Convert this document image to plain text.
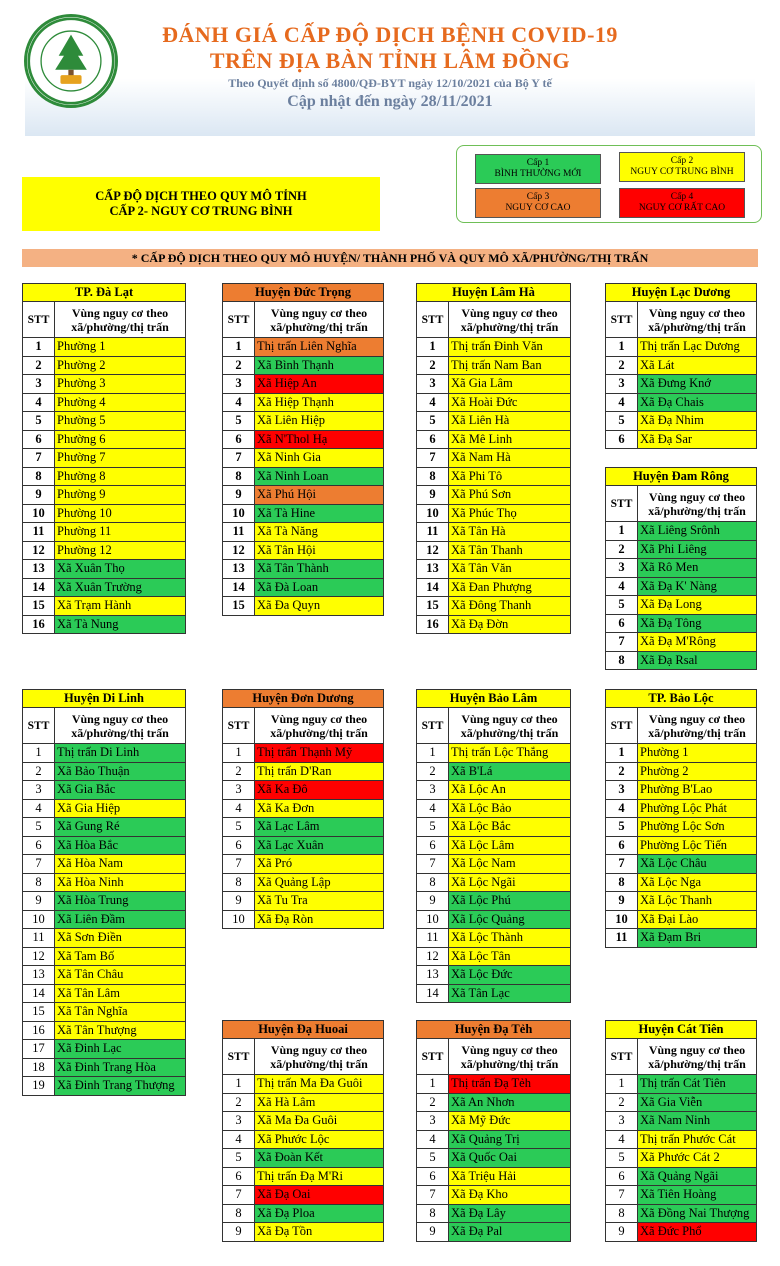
ĐÁNH GIÁ CẤP ĐỘ DỊCH BỆNH COVID-19
TRÊN ĐỊA BÀN TỈNH LÂM ĐỒNG
Theo Quyết định số 4800/QĐ-BYT ngày 12/10/2021 của Bộ Y tế
Cập nhật đến ngày 28/11/2021
Cấp 1
BÌNH THƯỜNG MỚI
Cấp 2
NGUY CƠ TRUNG BÌNH
Cấp 3
NGUY CƠ CAO
Cấp 4
NGUY CƠ RẤT CAO
CẤP ĐỘ DỊCH THEO QUY MÔ TỈNH
CẤP 2- NGUY CƠ TRUNG BÌNH
* CẤP ĐỘ DỊCH THEO QUY MÔ HUYỆN/ THÀNH PHỐ VÀ QUY MÔ XÃ/PHƯỜNG/THỊ TRẤN
TP. Đà Lạt	
STT	Vùng nguy cơ theo xã/phường/thị trấn
1	Phường 1
2	Phường 2
3	Phường 3
4	Phường 4
5	Phường 5
6	Phường 6
7	Phường 7
8	Phường 8
9	Phường 9
10	Phường 10
11	Phường 11
12	Phường 12
13	Xã Xuân Thọ
14	Xã Xuân Trường
15	Xã Trạm Hành
16	Xã Tà Nung
Huyện Đức Trọng	
STT	Vùng nguy cơ theo xã/phường/thị trấn
1	Thị trấn Liên Nghĩa
2	Xã Bình Thạnh
3	Xã Hiệp An
4	Xã Hiệp Thạnh
5	Xã Liên Hiệp
6	Xã N'Thol Hạ
7	Xã Ninh Gia
8	Xã Ninh Loan
9	Xã Phú Hội
10	Xã Tà Hine
11	Xã Tà Năng
12	Xã Tân Hội
13	Xã Tân Thành
14	Xã Đà Loan
15	Xã Đa Quyn
Huyện Lâm Hà	
STT	Vùng nguy cơ theo xã/phường/thị trấn
1	Thị trấn Đinh Văn
2	Thị trấn Nam Ban
3	Xã Gia Lâm
4	Xã Hoài Đức
5	Xã Liên Hà
6	Xã Mê Linh
7	Xã Nam Hà
8	Xã Phi Tô
9	Xã Phú Sơn
10	Xã Phúc Thọ
11	Xã Tân Hà
12	Xã Tân Thanh
13	Xã Tân Văn
14	Xã Đan Phượng
15	Xã Đông Thanh
16	Xã Đạ Đờn
Huyện Lạc Dương	
STT	Vùng nguy cơ theo xã/phường/thị trấn
1	Thị trấn Lạc Dương
2	Xã Lát
3	Xã Đưng Knớ
4	Xã Đạ Chais
5	Xã Đạ Nhim
6	Xã Đạ Sar
Huyện Đam Rông	
STT	Vùng nguy cơ theo xã/phường/thị trấn
1	Xã Liêng Srônh
2	Xã Phi Liêng
3	Xã Rô Men
4	Xã Đạ K' Nàng
5	Xã Đạ Long
6	Xã Đạ Tông
7	Xã Đạ M'Rông
8	Xã Đạ Rsal
Huyện Di Linh	
STT	Vùng nguy cơ theo xã/phường/thị trấn
1	Thị trấn Di Linh
2	Xã Bảo Thuận
3	Xã Gia Bắc
4	Xã Gia Hiệp
5	Xã Gung Ré
6	Xã Hòa Bắc
7	Xã Hòa Nam
8	Xã Hòa Ninh
9	Xã Hòa Trung
10	Xã Liên Đầm
11	Xã Sơn Điền
12	Xã Tam Bố
13	Xã Tân Châu
14	Xã Tân Lâm
15	Xã Tân Nghĩa
16	Xã Tân Thượng
17	Xã Đinh Lạc
18	Xã Đinh Trang Hòa
19	Xã Đinh Trang Thượng
Huyện Đơn Dương	
STT	Vùng nguy cơ theo xã/phường/thị trấn
1	Thị trấn Thạnh Mỹ
2	Thị trấn D'Ran
3	Xã Ka Đô
4	Xã Ka Đơn
5	Xã Lạc Lâm
6	Xã Lạc Xuân
7	Xã Pró
8	Xã Quảng Lập
9	Xã Tu Tra
10	Xã Đạ Ròn
Huyện Bảo Lâm	
STT	Vùng nguy cơ theo xã/phường/thị trấn
1	Thị trấn Lộc Thắng
2	Xã B'Lá
3	Xã Lộc An
4	Xã Lộc Bảo
5	Xã Lộc Bắc
6	Xã Lộc Lâm
7	Xã Lộc Nam
8	Xã Lộc Ngãi
9	Xã Lộc Phú
10	Xã Lộc Quảng
11	Xã Lộc Thành
12	Xã Lộc Tân
13	Xã Lộc Đức
14	Xã Tân Lạc
TP. Bảo Lộc	
STT	Vùng nguy cơ theo xã/phường/thị trấn
1	Phường 1
2	Phường 2
3	Phường B'Lao
4	Phường Lộc Phát
5	Phường Lộc Sơn
6	Phường Lộc Tiến
7	Xã Lộc Châu
8	Xã Lộc Nga
9	Xã Lộc Thanh
10	Xã Đại Lào
11	Xã Đạm Bri
Huyện Đạ Huoai	
STT	Vùng nguy cơ theo xã/phường/thị trấn
1	Thị trấn Ma Đa Guôi
2	Xã Hà Lâm
3	Xã Ma Đa Guôi
4	Xã Phước Lộc
5	Xã Đoàn Kết
6	Thị trấn Đạ M'Ri
7	Xã Đạ Oai
8	Xã Đạ Ploa
9	Xã Đạ Tồn
Huyện Đạ Tẻh	
STT	Vùng nguy cơ theo xã/phường/thị trấn
1	Thị trấn Đạ Tẻh
2	Xã An Nhơn
3	Xã Mỹ Đức
4	Xã Quảng Trị
5	Xã Quốc Oai
6	Xã Triệu Hải
7	Xã Đạ Kho
8	Xã Đạ Lây
9	Xã Đạ Pal
Huyện Cát Tiên	
STT	Vùng nguy cơ theo xã/phường/thị trấn
1	Thị trấn Cát Tiên
2	Xã Gia Viễn
3	Xã Nam Ninh
4	Thị trấn Phước Cát
5	Xã Phước Cát 2
6	Xã Quảng Ngãi
7	Xã Tiên Hoàng
8	Xã Đồng Nai Thượng
9	Xã Đức Phổ
